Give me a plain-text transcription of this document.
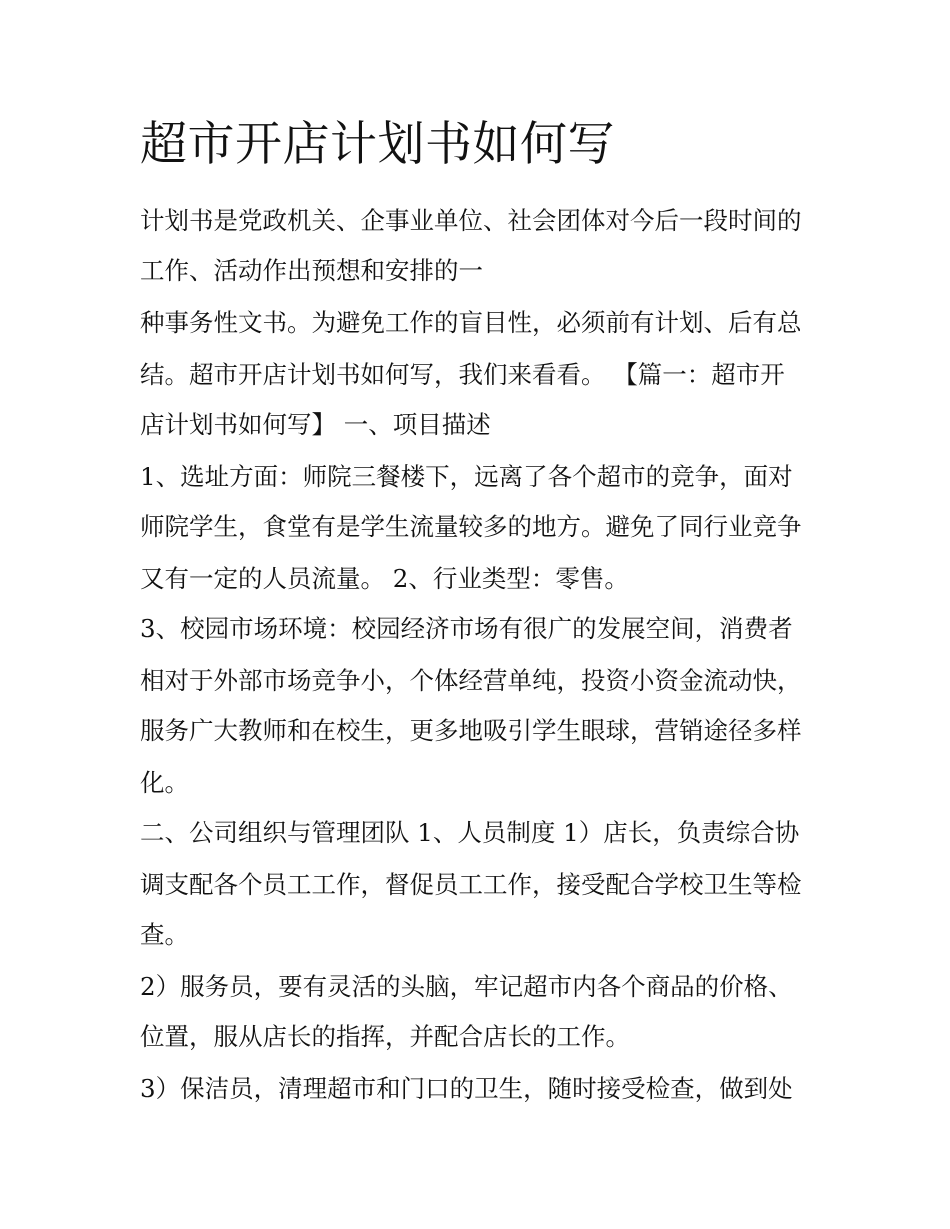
超市开店计划书如何写

计划书是党政机关、企事业单位、社会团体对今后一段时间的

工作、活动作出预想和安排的一

种事务性文书。为避免工作的盲目性，必须前有计划、后有总

结。超市开店计划书如何写，我们来看看。 【篇一：超市开

店计划书如何写】 一、项目描述

1、选址方面：师院三餐楼下，远离了各个超市的竞争，面对

师院学生，食堂有是学生流量较多的地方。避免了同行业竞争

又有一定的人员流量。 2、行业类型：零售。

3、校园市场环境：校园经济市场有很广的发展空间，消费者

相对于外部市场竞争小，个体经营单纯，投资小资金流动快，

服务广大教师和在校生，更多地吸引学生眼球，营销途径多样

化。

二、公司组织与管理团队 1、人员制度 1）店长，负责综合协

调支配各个员工工作，督促员工工作，接受配合学校卫生等检

查。

2）服务员，要有灵活的头脑，牢记超市内各个商品的价格、

位置，服从店长的指挥，并配合店长的工作。

3）保洁员，清理超市和门口的卫生，随时接受检查，做到处
